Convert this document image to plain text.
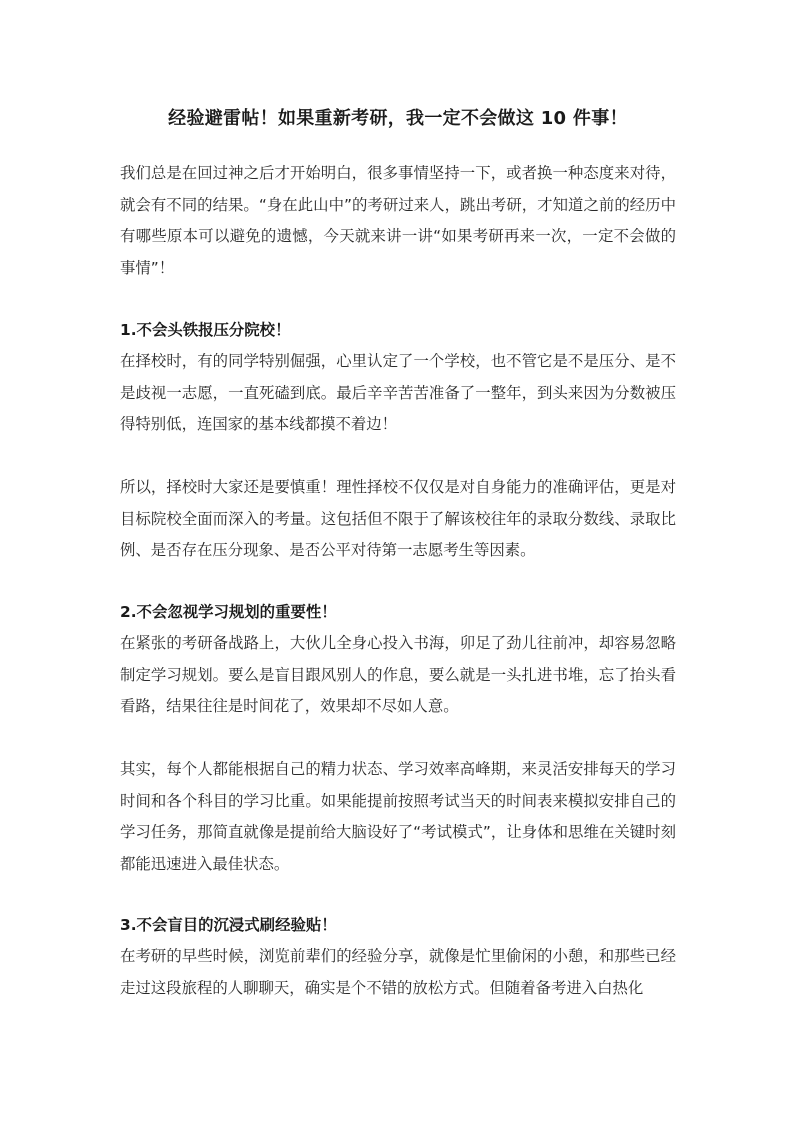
经验避雷帖！如果重新考研，我一定不会做这 10 件事！
我们总是在回过神之后才开始明白，很多事情坚持一下，或者换一种态度来对待，就会有不同的结果。“身在此山中”的考研过来人，跳出考研，才知道之前的经历中有哪些原本可以避免的遗憾，今天就来讲一讲“如果考研再来一次，一定不会做的事情”！
1.不会头铁报压分院校！
在择校时，有的同学特别倔强，心里认定了一个学校，也不管它是不是压分、是不是歧视一志愿，一直死磕到底。最后辛辛苦苦准备了一整年，到头来因为分数被压得特别低，连国家的基本线都摸不着边！
所以，择校时大家还是要慎重！理性择校不仅仅是对自身能力的准确评估，更是对目标院校全面而深入的考量。这包括但不限于了解该校往年的录取分数线、录取比例、是否存在压分现象、是否公平对待第一志愿考生等因素。
2.不会忽视学习规划的重要性！
在紧张的考研备战路上，大伙儿全身心投入书海，卯足了劲儿往前冲，却容易忽略制定学习规划。要么是盲目跟风别人的作息，要么就是一头扎进书堆，忘了抬头看看路，结果往往是时间花了，效果却不尽如人意。
其实，每个人都能根据自己的精力状态、学习效率高峰期，来灵活安排每天的学习时间和各个科目的学习比重。如果能提前按照考试当天的时间表来模拟安排自己的学习任务，那简直就像是提前给大脑设好了“考试模式”，让身体和思维在关键时刻都能迅速进入最佳状态。
3.不会盲目的沉浸式刷经验贴！
在考研的早些时候，浏览前辈们的经验分享，就像是忙里偷闲的小憩，和那些已经走过这段旅程的人聊聊天，确实是个不错的放松方式。但随着备考进入白热化
